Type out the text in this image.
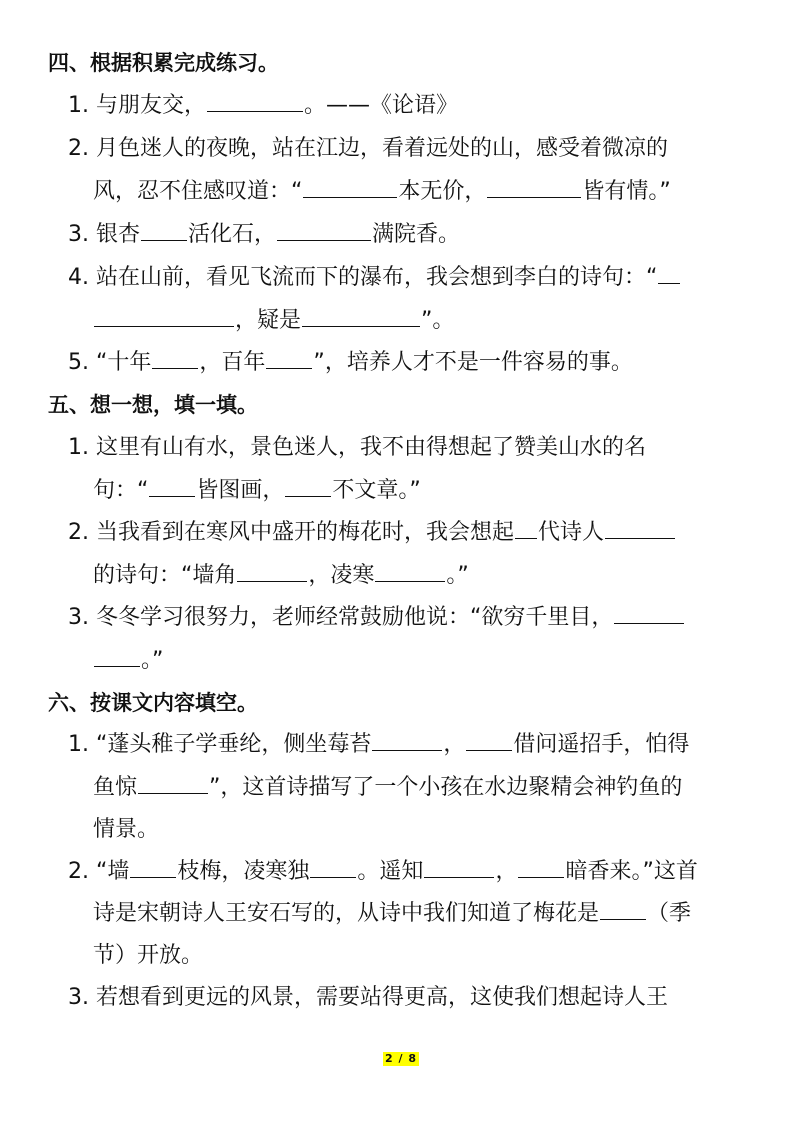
四、根据积累完成练习。
1. 与朋友交，	。——《论语》
2. 月色迷人的夜晚，站在江边，看着远处的山，感受着微凉的
风，忍不住感叹道：“	本无价，	皆有情。”
3. 银杏 活化石，	满院香。
4. 站在山前，看见飞流而下的瀑布，我会想到李白的诗句：“
，疑是	”。
5. “十年 ，百年 ”，培养人才不是一件容易的事。
五、想一想，填一填。
1. 这里有山有水，景色迷人，我不由得想起了赞美山水的名
句：“ 皆图画， 不文章。”
2. 当我看到在寒风中盛开的梅花时，我会想起 代诗人
的诗句：“墙角	，凌寒	。”
3. 冬冬学习很努力，老师经常鼓励他说：“欲穷千里目，
。”
六、按课文内容填空。
1. “蓬头稚子学垂纶，侧坐莓苔	， 借问遥招手，怕得
鱼惊	”，这首诗描写了一个小孩在水边聚精会神钓鱼的
情景。
2. “墙 枝梅，凌寒独 。遥知	， 暗香来。”这首
诗是宋朝诗人王安石写的，从诗中我们知道了梅花是 （季
节）开放。
3. 若想看到更远的风景，需要站得更高，这使我们想起诗人王
2 / 8
